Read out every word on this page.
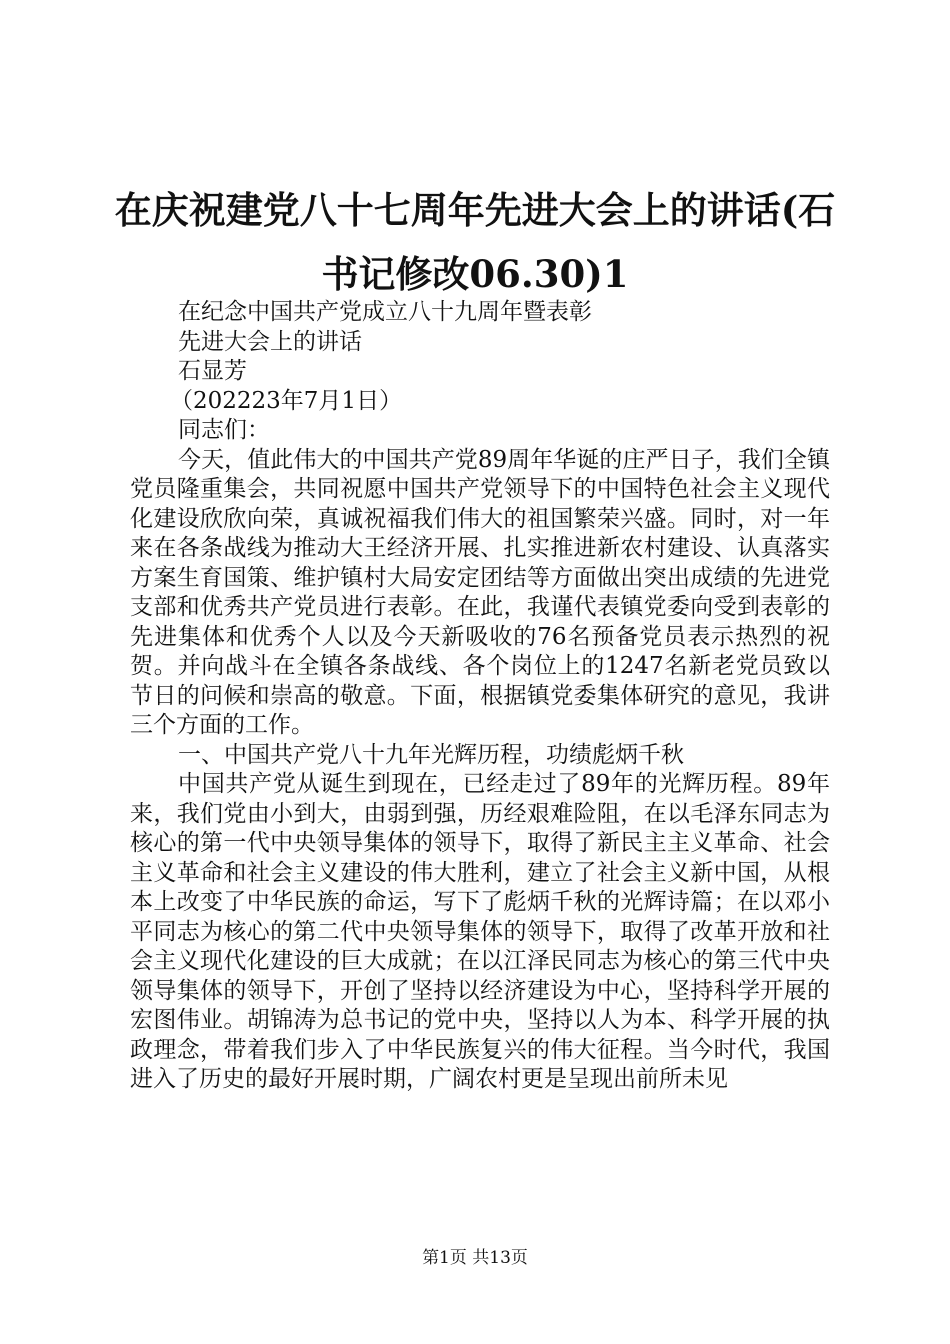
在庆祝建党八十七周年先进大会上的讲话(石书记修改06.30)1

在纪念中国共产党成立八十九周年暨表彰

先进大会上的讲话

石显芳

（202223年7月1日）

同志们：

今天，值此伟大的中国共产党89周年华诞的庄严日子，我们全镇党员隆重集会，共同祝愿中国共产党领导下的中国特色社会主义现代化建设欣欣向荣，真诚祝福我们伟大的祖国繁荣兴盛。同时，对一年来在各条战线为推动大王经济开展、扎实推进新农村建设、认真落实方案生育国策、维护镇村大局安定团结等方面做出突出成绩的先进党支部和优秀共产党员进行表彰。在此，我谨代表镇党委向受到表彰的先进集体和优秀个人以及今天新吸收的76名预备党员表示热烈的祝贺。并向战斗在全镇各条战线、各个岗位上的1247名新老党员致以节日的问候和崇高的敬意。下面，根据镇党委集体研究的意见，我讲三个方面的工作。

一、中国共产党八十九年光辉历程，功绩彪炳千秋

中国共产党从诞生到现在，已经走过了89年的光辉历程。89年来，我们党由小到大，由弱到强，历经艰难险阻，在以毛泽东同志为核心的第一代中央领导集体的领导下，取得了新民主主义革命、社会主义革命和社会主义建设的伟大胜利，建立了社会主义新中国，从根本上改变了中华民族的命运，写下了彪炳千秋的光辉诗篇；在以邓小平同志为核心的第二代中央领导集体的领导下，取得了改革开放和社会主义现代化建设的巨大成就；在以江泽民同志为核心的第三代中央领导集体的领导下，开创了坚持以经济建设为中心，坚持科学开展的宏图伟业。胡锦涛为总书记的党中央，坚持以人为本、科学开展的执政理念，带着我们步入了中华民族复兴的伟大征程。当今时代，我国进入了历史的最好开展时期，广阔农村更是呈现出前所未见

第1页 共13页
